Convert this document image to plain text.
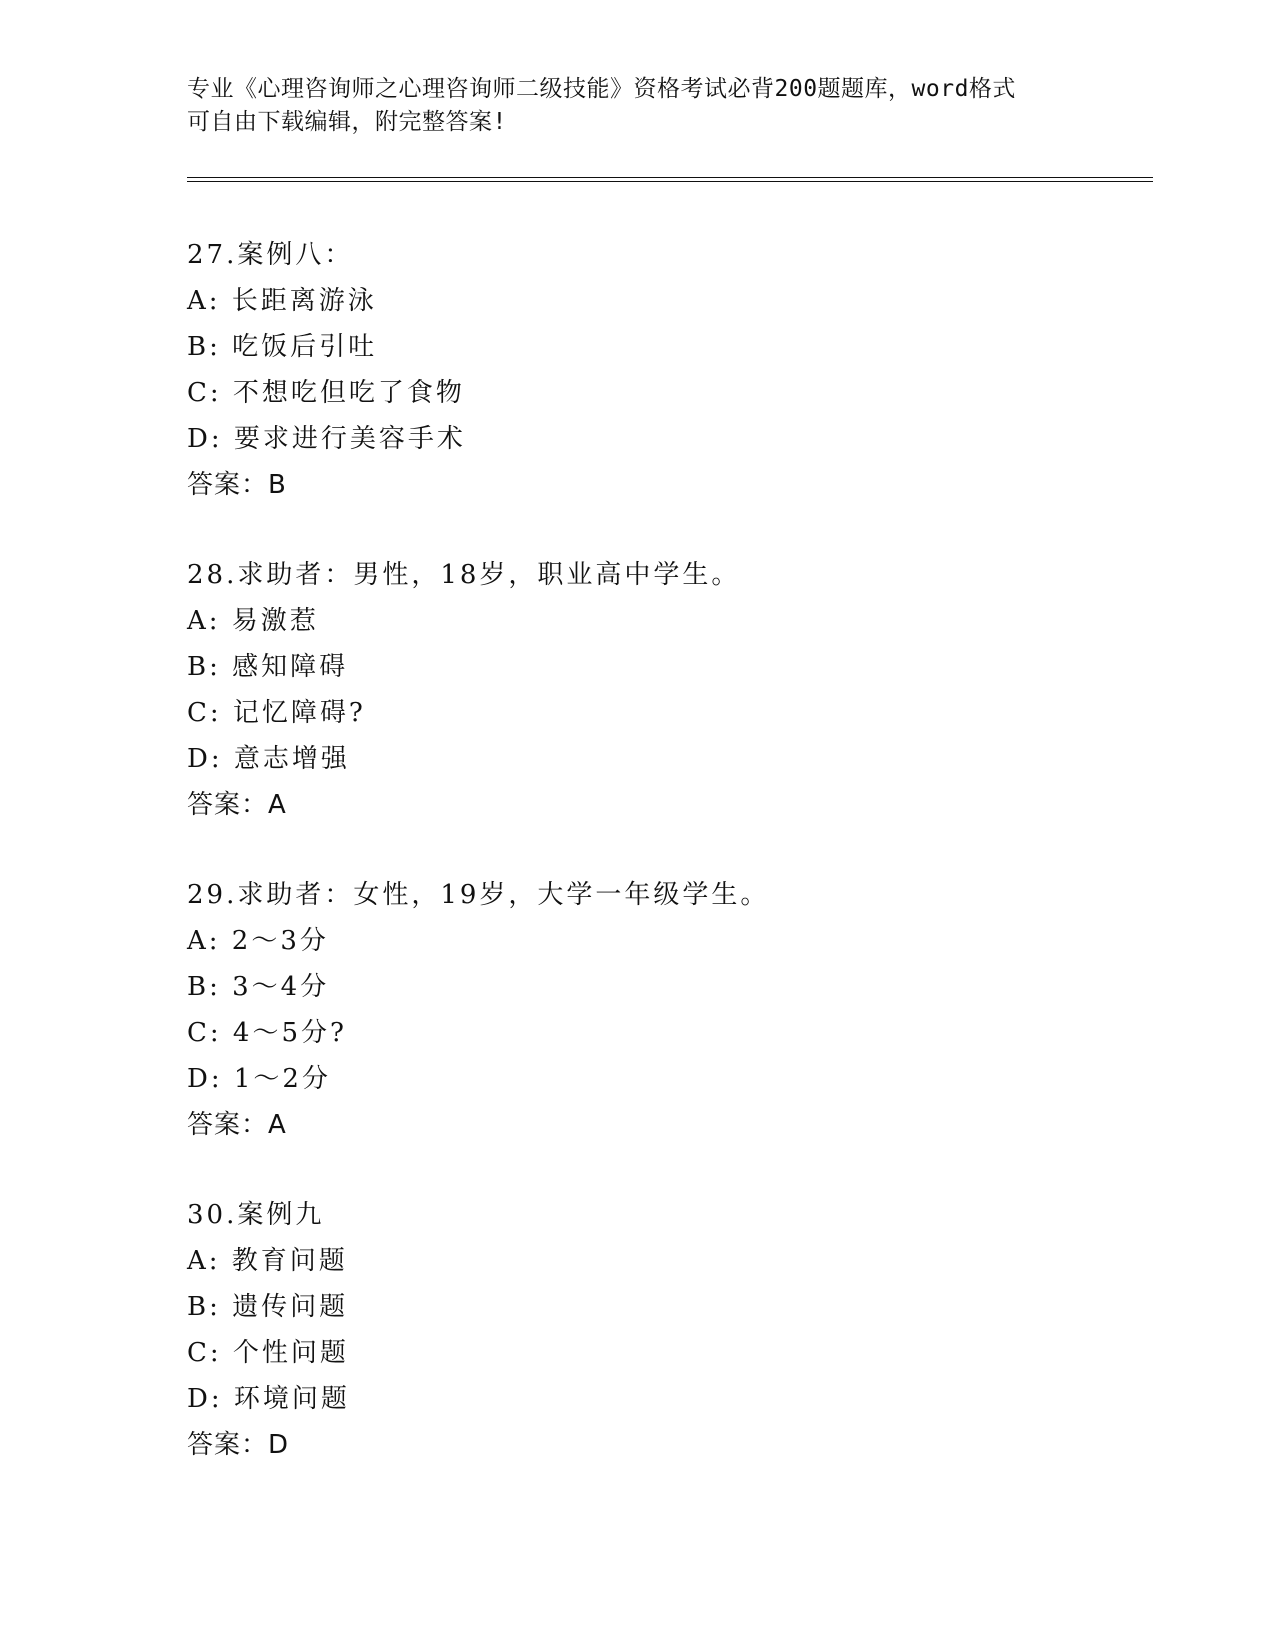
专业《心理咨询师之心理咨询师二级技能》资格考试必背200题题库，word格式
可自由下载编辑，附完整答案!
27.案例八：
A: 长距离游泳
B: 吃饭后引吐
C: 不想吃但吃了食物
D: 要求进行美容手术
答案：B
28.求助者：男性，18岁，职业高中学生。
A: 易激惹
B: 感知障碍
C: 记忆障碍?
D: 意志增强
答案：A
29.求助者：女性，19岁，大学一年级学生。
A: 2～3分
B: 3～4分
C: 4～5分?
D: 1～2分
答案：A
30.案例九
A: 教育问题
B: 遗传问题
C: 个性问题
D: 环境问题
答案：D
